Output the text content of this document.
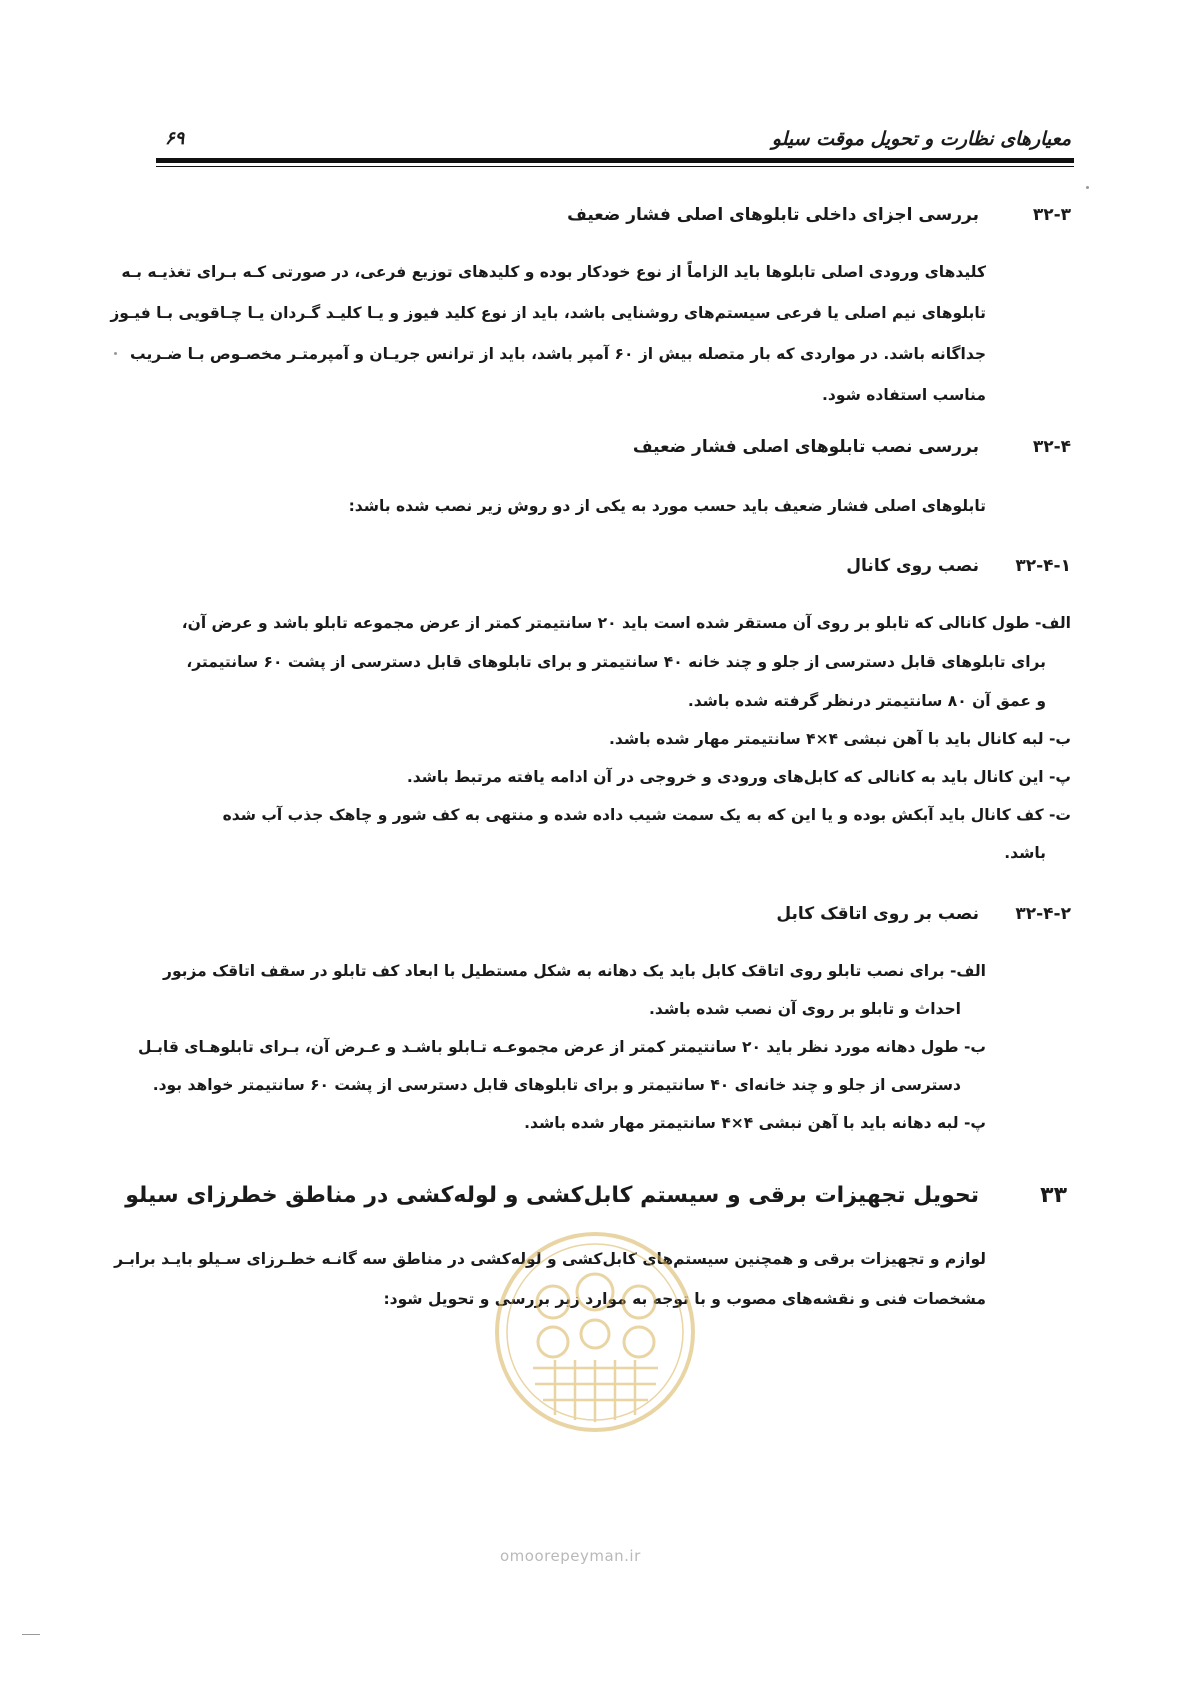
معیارهای نظارت و تحویل موقت سیلو
۶۹
۳۲-۳
بررسی اجزای داخلی تابلوهای اصلی فشار ضعیف
کلیدهای ورودی اصلی تابلوها باید الزاماً از نوع خودکار بوده و کلیدهای توزیع فرعی، در صورتی کـه بـرای تغذیـه بـه
تابلوهای نیم اصلی یا فرعی سیستم‌های روشنایی باشد، باید از نوع کلید فیوز و یـا کلیـد گـردان یـا چـاقویی بـا فیـوز
جداگانه باشد. در مواردی که بار متصله بیش از ۶۰ آمپر باشد، باید از ترانس جریـان و آمپرمتـر مخصـوص بـا ضـریب
مناسب استفاده شود.
۳۲-۴
بررسی نصب تابلوهای اصلی فشار ضعیف
تابلوهای اصلی فشار ضعیف باید حسب مورد به یکی از دو روش زیر نصب شده باشد:
۳۲-۴-۱
نصب روی کانال
الف- طول کانالی که تابلو بر روی آن مستقر شده است باید ۲۰ سانتیمتر کمتر از عرض مجموعه تابلو باشد و عرض آن،
برای تابلوهای قابل دسترسی از جلو و چند خانه ۴۰ سانتیمتر و برای تابلوهای قابل دسترسی از پشت ۶۰ سانتیمتر،
و عمق آن ۸۰ سانتیمتر درنظر گرفته شده باشد.
ب- لبه کانال باید با آهن نبشی ۴×۴ سانتیمتر مهار شده باشد.
پ- این کانال باید به کانالی که کابل‌های ورودی و خروجی در آن ادامه یافته مرتبط باشد.
ت- کف کانال باید آبکش بوده و یا این که به یک سمت شیب داده شده و منتهی به کف شور و چاهک جذب آب شده
باشد.
۳۲-۴-۲
نصب بر روی اتاقک کابل
الف- برای نصب تابلو روی اتاقک کابل باید یک دهانه به شکل مستطیل با ابعاد کف تابلو در سقف اتاقک مزبور
احداث و تابلو بر روی آن نصب شده باشد.
ب- طول دهانه مورد نظر باید ۲۰ سانتیمتر کمتر از عرض مجموعـه تـابلو باشـد و عـرض آن، بـرای تابلوهـای قابـل
دسترسی از جلو و چند خانه‌ای ۴۰ سانتیمتر و برای تابلوهای قابل دسترسی از پشت ۶۰ سانتیمتر خواهد بود.
پ- لبه دهانه باید با آهن نبشی ۴×۴ سانتیمتر مهار شده باشد.
۳۳
تحویل تجهیزات برقی و سیستم کابل‌کشی و لوله‌کشی در مناطق خطرزای سیلو
لوازم و تجهیزات برقی و همچنین سیستم‌های کابل‌کشی و لوله‌کشی در مناطق سه گانـه خطـرزای سـیلو بایـد برابـر
مشخصات فنی و نقشه‌های مصوب و با توجه به موارد زیر بررسی و تحویل شود:
omoorepeyman.ir
